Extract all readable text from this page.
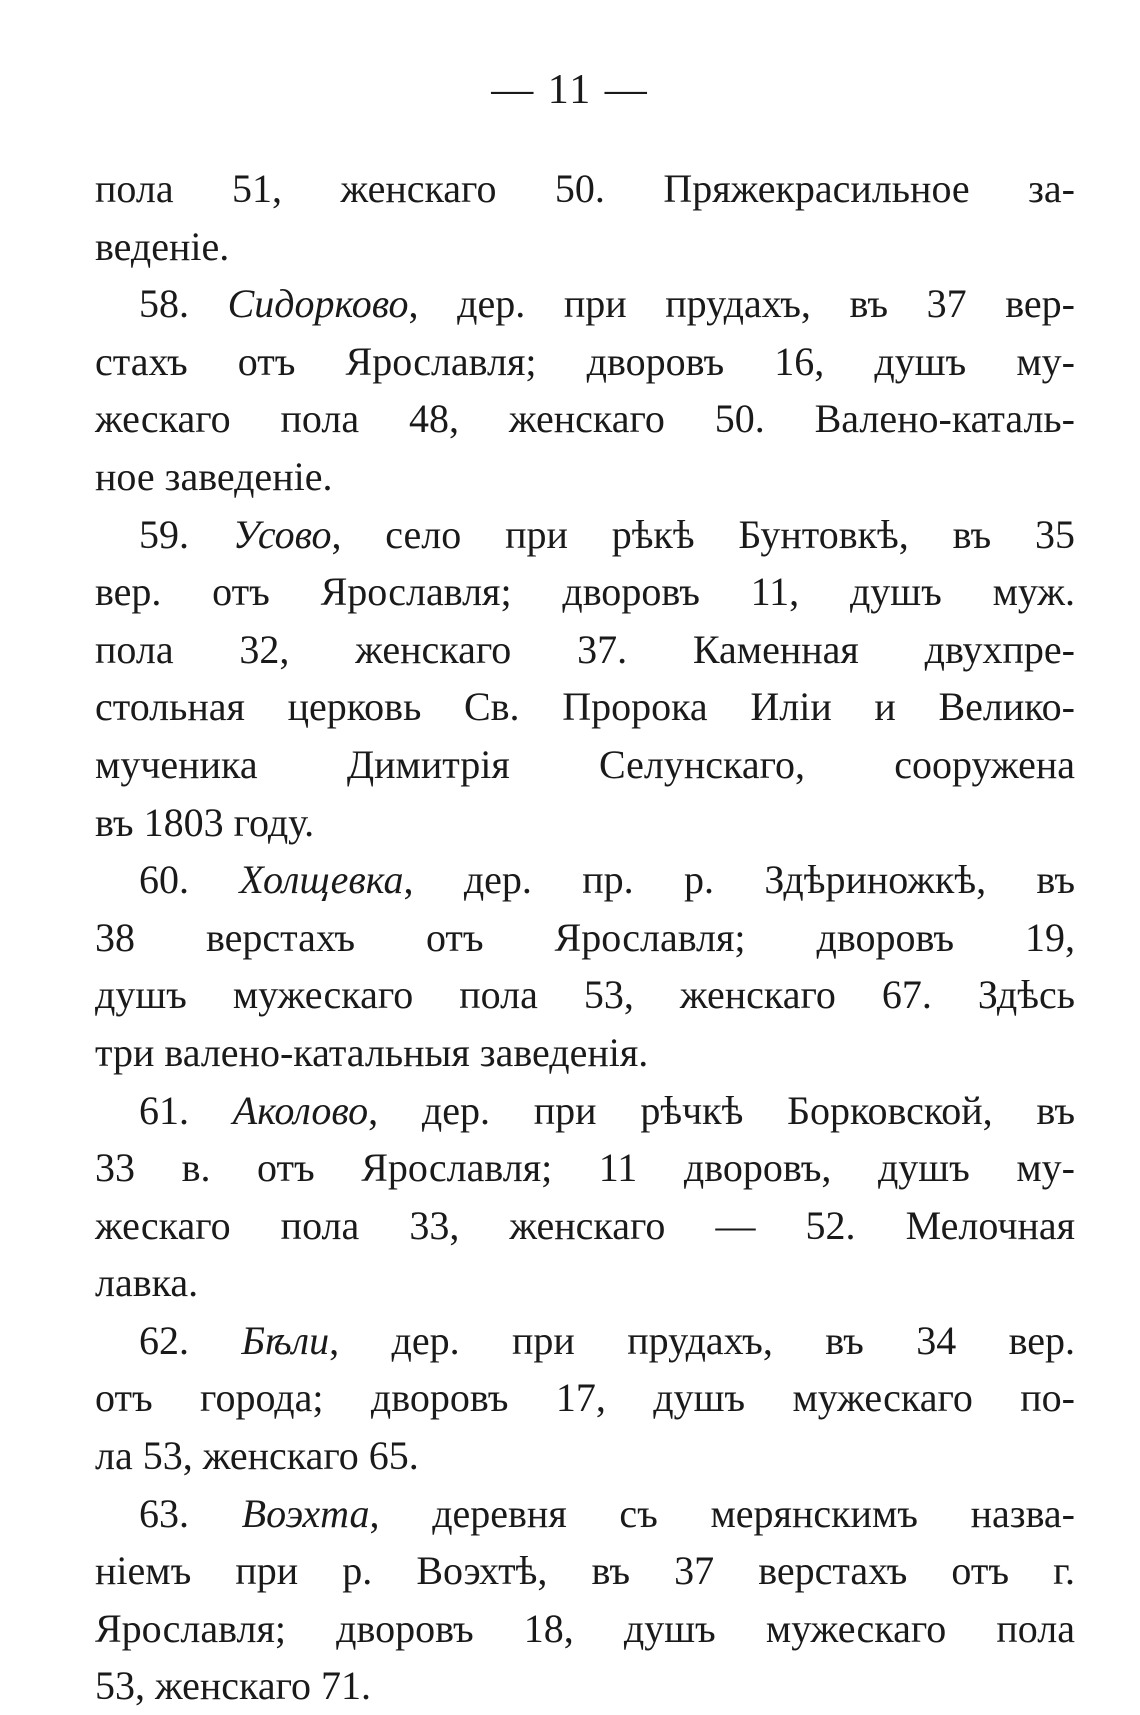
— 11 —
пола 51, женскаго 50. Пряжекрасильное за-
веденiе.
58. Сидорково, дер. при прудахъ, въ 37 вер-
стахъ отъ Ярославля; дворовъ 16, душъ му-
жескаго пола 48, женскаго 50. Валено-каталь-
ное заведенiе.
59. Усово, село при рѣкѣ Бунтовкѣ, въ 35
вер. отъ Ярославля; дворовъ 11, душъ муж.
пола 32, женскаго 37. Каменная двухпре-
стольная церковь Св. Пророка Илiи и Велико-
мученика Димитрiя Селунскаго, сооружена
въ 1803 году.
60. Холщевка, дер. пр. р. Здѣриножкѣ, въ
38 верстахъ отъ Ярославля; дворовъ 19,
душъ мужескаго пола 53, женскаго 67. Здѣсь
три валено-катальныя заведенiя.
61. Аколово, дер. при рѣчкѣ Борковской, въ
33 в. отъ Ярославля; 11 дворовъ, душъ му-
жескаго пола 33, женскаго — 52. Мелочная
лавка.
62. Бѣли, дер. при прудахъ, въ 34 вер.
отъ города; дворовъ 17, душъ мужескаго по-
ла 53, женскаго 65.
63. Воэхта, деревня съ мерянскимъ назва-
нiемъ при р. Воэхтѣ, въ 37 верстахъ отъ г.
Ярославля; дворовъ 18, душъ мужескаго пола
53, женскаго 71.
